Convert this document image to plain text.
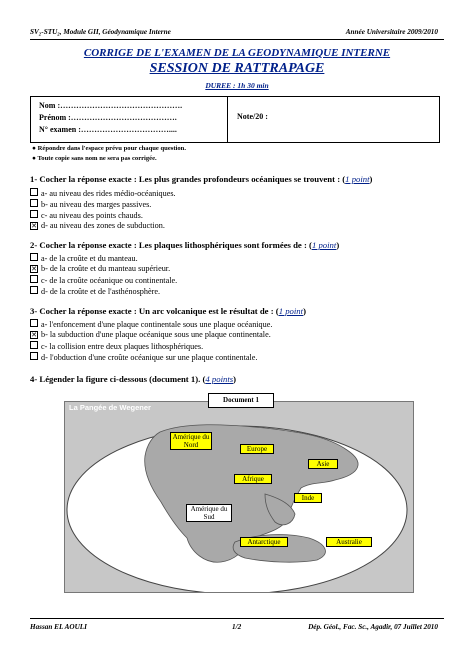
SV₂-STU₂, Module GII, Géodynamique Interne	Année Universitaire 2009/2010
CORRIGE DE L'EXAMEN DE LA GEODYNAMIQUE INTERNE
SESSION DE RATTRAPAGE
DUREE : 1h 30 min
Nom :……………………………………….
Prénom :………………………………….
N° examen :……………………………....
Note/20 :
● Répondre dans l'espace prévu pour chaque question.
● Toute copie sans nom ne sera pas corrigée.
1- Cocher la réponse exacte : Les plus grandes profondeurs océaniques se trouvent : (1 point)
a- au niveau des rides médio-océaniques.
b- au niveau des marges passives.
c- au niveau des points chauds.
✕ d- au niveau des zones de subduction.
2- Cocher la réponse exacte : Les plaques lithosphériques sont formées de : (1 point)
a- de la croûte et du manteau.
✕ b- de la croûte et du manteau supérieur.
c- de la croûte océanique ou continentale.
d- de la croûte et de l'asthénosphère.
3- Cocher la réponse exacte : Un arc volcanique est le résultat de : (1 point)
a- l'enfoncement d'une plaque continentale sous une plaque océanique.
✕ b- la subduction d'une plaque océanique sous une plaque continentale.
c- la collision entre deux plaques lithosphériques.
d- l'obduction d'une croûte océanique sur une plaque continentale.
4- Légender la figure ci-dessous (document 1). (4 points)
La Pangée de Wegener
Document 1
Amérique du Nord	Europe
Asie
Afrique
Amérique du Sud
Inde
Antarctique	Australie
Hassan EL AOULI	1/2	Dép. Géol., Fac. Sc., Agadir, 07 Juillet 2010
